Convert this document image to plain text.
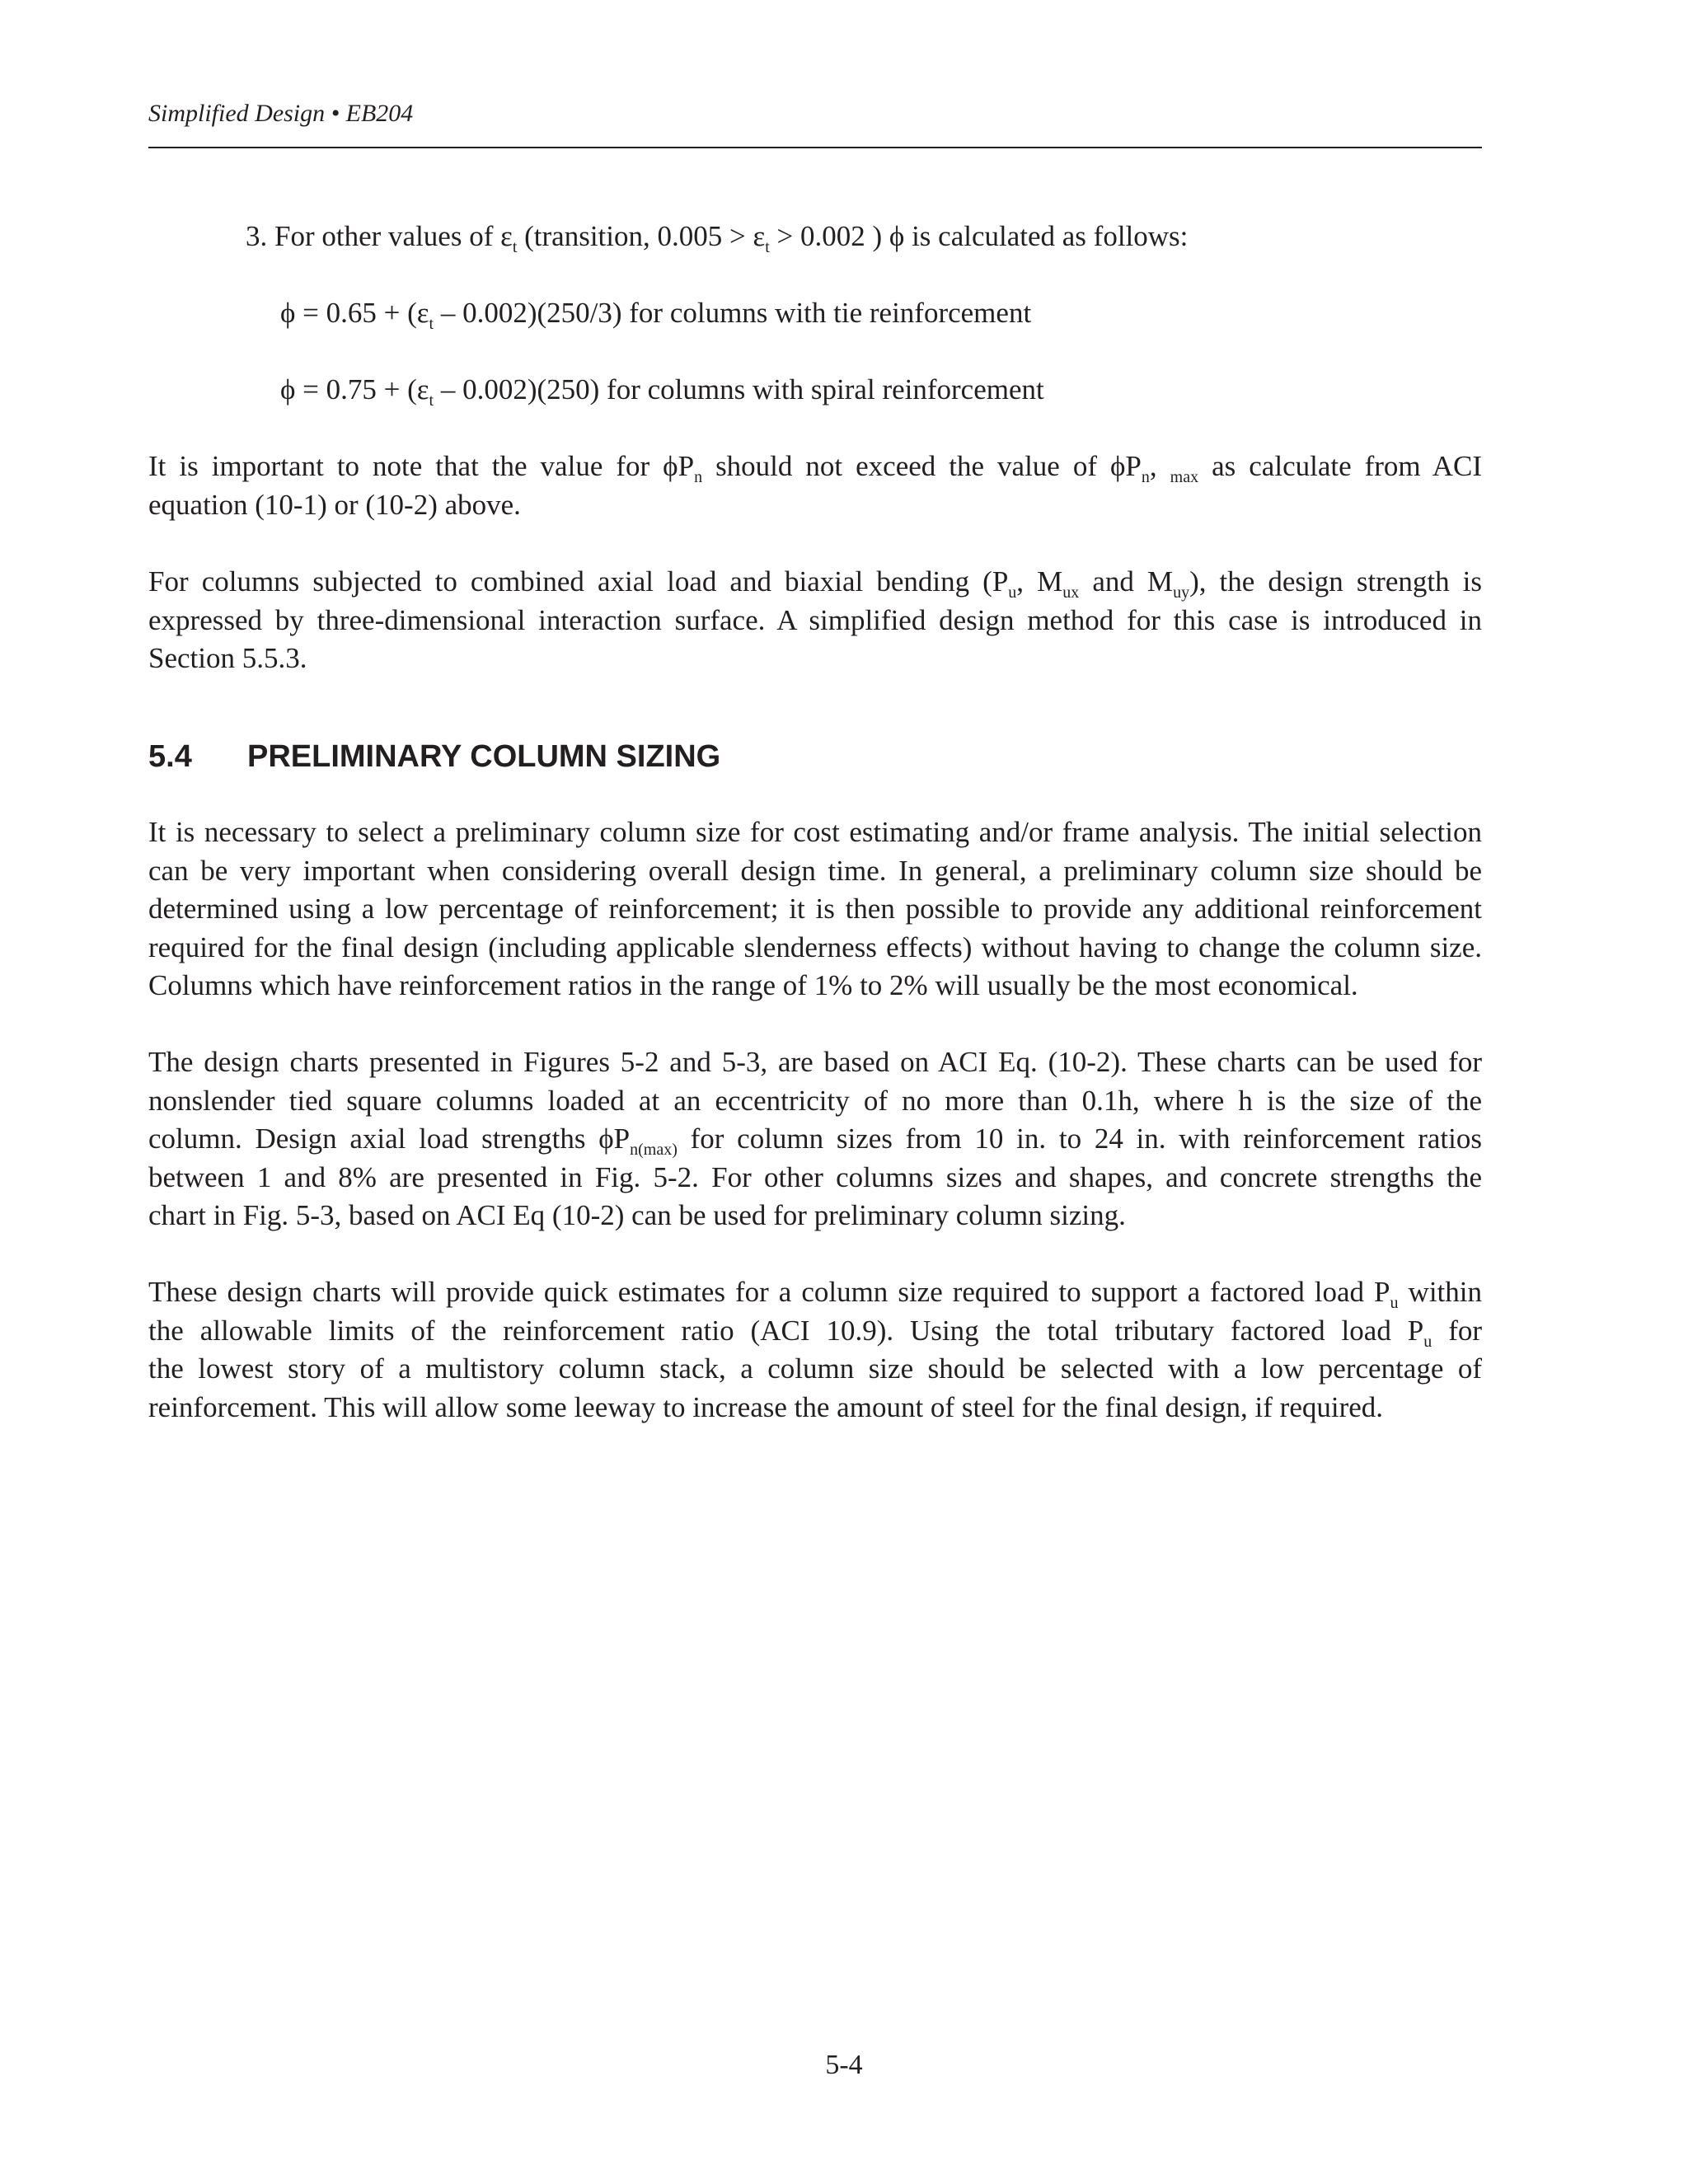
Simplified Design • EB204
3. For other values of $\varepsilon_t$ (transition, $0.005 > \varepsilon_t > 0.002$ ) ϕ is calculated as follows:
$\phi = 0.65 + (\varepsilon_t - 0.002)(250/3)$ for columns with tie reinforcement
$\phi = 0.75 + (\varepsilon_t - 0.002)(250)$ for columns with spiral reinforcement
It is important to note that the value for $\phi P_n$ should not exceed the value of $\phi P_n$, $_{max}$ as calculate from ACI
equation (10-1) or (10-2) above.
For columns subjected to combined axial load and biaxial bending ($P_u$, $M_{ux}$ and $M_{uy}$), the design strength is
expressed by three-dimensional interaction surface. A simplified design method for this case is introduced in
Section 5.5.3.
5.4 PRELIMINARY COLUMN SIZING
It is necessary to select a preliminary column size for cost estimating and/or frame analysis. The initial selection
can be very important when considering overall design time. In general, a preliminary column size should be
determined using a low percentage of reinforcement; it is then possible to provide any additional reinforcement
required for the final design (including applicable slenderness effects) without having to change the column size.
Columns which have reinforcement ratios in the range of 1% to 2% will usually be the most economical.
The design charts presented in Figures 5-2 and 5-3, are based on ACI Eq. (10-2). These charts can be used for
nonslender tied square columns loaded at an eccentricity of no more than 0.1h, where h is the size of the
column. Design axial load strengths $\phi P_{n(max)}$ for column sizes from 10 in. to 24 in. with reinforcement ratios
between 1 and 8% are presented in Fig. 5-2. For other columns sizes and shapes, and concrete strengths the
chart in Fig. 5-3, based on ACI Eq (10-2) can be used for preliminary column sizing.
These design charts will provide quick estimates for a column size required to support a factored load $P_u$ within
the allowable limits of the reinforcement ratio (ACI 10.9). Using the total tributary factored load $P_u$ for
the lowest story of a multistory column stack, a column size should be selected with a low percentage of
reinforcement. This will allow some leeway to increase the amount of steel for the final design, if required.
5-4
